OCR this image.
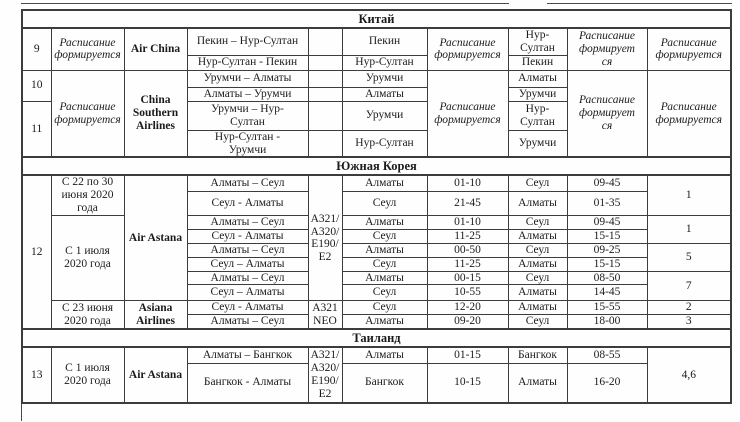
Китай									
9	Расписание формируется	Air China	Пекин – Нур-Султан		Пекин	Расписание формируется	Нур-Султан	Расписание формируется	Расписание формируется
			Нур-Султан - Пекин		Нур-Султан		Пекин		
10	Расписание формируется	China Southern Airlines	Урумчи – Алматы		Урумчи	Расписание формируется	Алматы	Расписание формируется	Расписание формируется
			Алматы – Урумчи		Алматы		Урумчи		
11			Урумчи – Нур-Султан		Урумчи		Нур-Султан		
			Нур-Султан - Урумчи		Нур-Султан		Урумчи		
Южная Корея									
12	С 22 по 30 июня 2020 года	Air Astana	Алматы – Сеул	A321/ A320/ E190/ E2	Алматы	01-10	Сеул	09-45	1
			Сеул - Алматы		Сеул	21-45	Алматы	01-35	
	С 1 июля 2020 года		Алматы – Сеул		Алматы	01-10	Сеул	09-45	1
			Сеул - Алматы		Сеул	11-25	Алматы	15-15	
			Алматы – Сеул		Алматы	00-50	Сеул	09-25	5
			Сеул – Алматы		Сеул	11-25	Алматы	15-15	
			Алматы – Сеул		Алматы	00-15	Сеул	08-50	7
			Сеул – Алматы		Сеул	10-55	Алматы	14-45	
	С 23 июня 2020 года	Asiana Airlines	Сеул - Алматы	A321 NEO	Сеул	12-20	Алматы	15-55	2
			Алматы – Сеул		Алматы	09-20	Сеул	18-00	3
Таиланд									
13	С 1 июля 2020 года	Air Astana	Алматы – Бангкок	A321/ A320/ E190/ E2	Алматы	01-15	Бангкок	08-55	4,6
			Бангкок - Алматы		Бангкок	10-15	Алматы	16-20	
